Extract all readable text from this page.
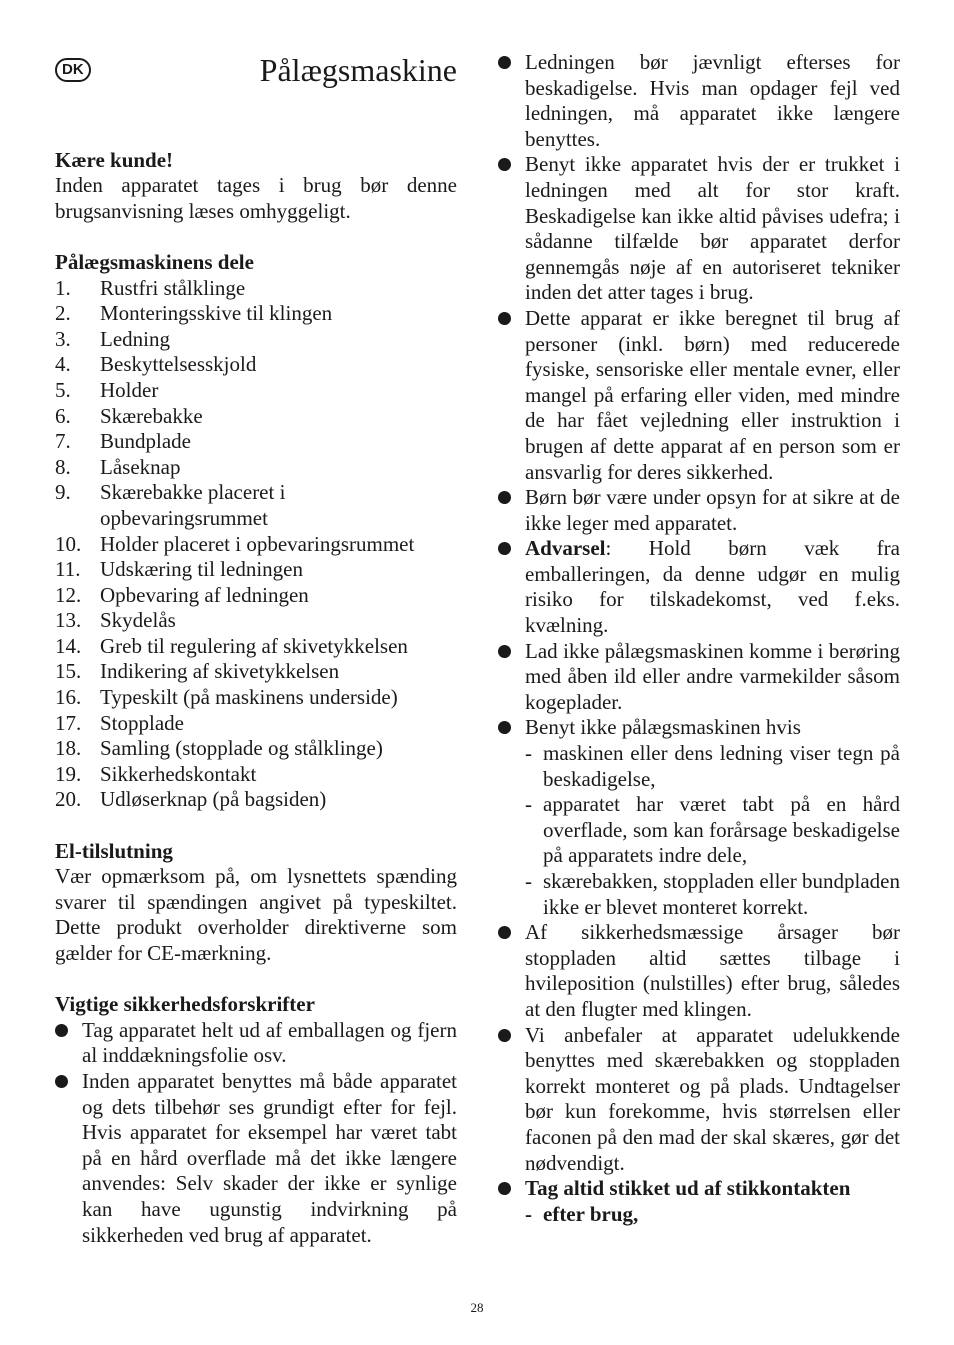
DK	Pålægsmaskine

Kære kunde!

Inden apparatet tages i brug bør denne brugsanvisning læses omhyggeligt.

Pålægsmaskinens dele

1.	Rustfri stålklinge
2.	Monteringsskive til klingen
3.	Ledning
4.	Beskyttelsesskjold
5.	Holder
6.	Skærebakke
7.	Bundplade
8.	Låseknap
9.	Skærebakke placeret i opbevaringsrummet
10. Holder placeret i opbevaringsrummet
11. Udskæring til ledningen
12. Opbevaring af ledningen
13. Skydelås
14. Greb til regulering af skivetykkelsen
15. Indikering af skivetykkelsen
16. Typeskilt (på maskinens underside)
17. Stopplade
18. Samling (stopplade og stålklinge)
19. Sikkerhedskontakt
20. Udløserknap (på bagsiden)

El-tilslutning

Vær opmærksom på, om lysnettets spænding svarer til spændingen angivet på typeskiltet. Dette produkt overholder direktiverne som gælder for CE-mærkning.

Vigtige sikkerhedsforskrifter

Tag apparatet helt ud af emballagen og fjern al inddækningsfolie osv.
Inden apparatet benyttes må både apparatet og dets tilbehør ses grundigt efter for fejl. Hvis apparatet for eksempel har været tabt på en hård overflade må det ikke længere anvendes: Selv skader der ikke er synlige kan have ugunstig indvirkning på sikkerheden ved brug af apparatet.
Ledningen bør jævnligt efterses for beskadigelse. Hvis man opdager fejl ved ledningen, må apparatet ikke længere benyttes.
Benyt ikke apparatet hvis der er trukket i ledningen med alt for stor kraft. Beskadigelse kan ikke altid påvises udefra; i sådanne tilfælde bør apparatet derfor gennemgås nøje af en autoriseret tekniker inden det atter tages i brug.
Dette apparat er ikke beregnet til brug af personer (inkl. børn) med reducerede fysiske, sensoriske eller mentale evner, eller mangel på erfaring eller viden, med mindre de har fået vejledning eller instruktion i brugen af dette apparat af en person som er ansvarlig for deres sikkerhed.
Børn bør være under opsyn for at sikre at de ikke leger med apparatet.
Advarsel: Hold børn væk fra emballeringen, da denne udgør en mulig risiko for tilskadekomst, ved f.eks. kvælning.
Lad ikke pålægsmaskinen komme i berøring med åben ild eller andre varmekilder såsom kogeplader.
Benyt ikke pålægsmaskinen hvis
- maskinen eller dens ledning viser tegn på beskadigelse,
- apparatet har været tabt på en hård overflade, som kan forårsage beskadigelse på apparatets indre dele,
- skærebakken, stoppladen eller bundpladen ikke er blevet monteret korrekt.
Af sikkerhedsmæssige årsager bør stoppladen altid sættes tilbage i hvileposition (nulstilles) efter brug, således at den flugter med klingen.
Vi anbefaler at apparatet udelukkende benyttes med skærebakken og stoppladen korrekt monteret og på plads. Undtagelser bør kun forekomme, hvis størrelsen eller faconen på den mad der skal skæres, gør det nødvendigt.
Tag altid stikket ud af stikkontakten
- efter brug,
28
